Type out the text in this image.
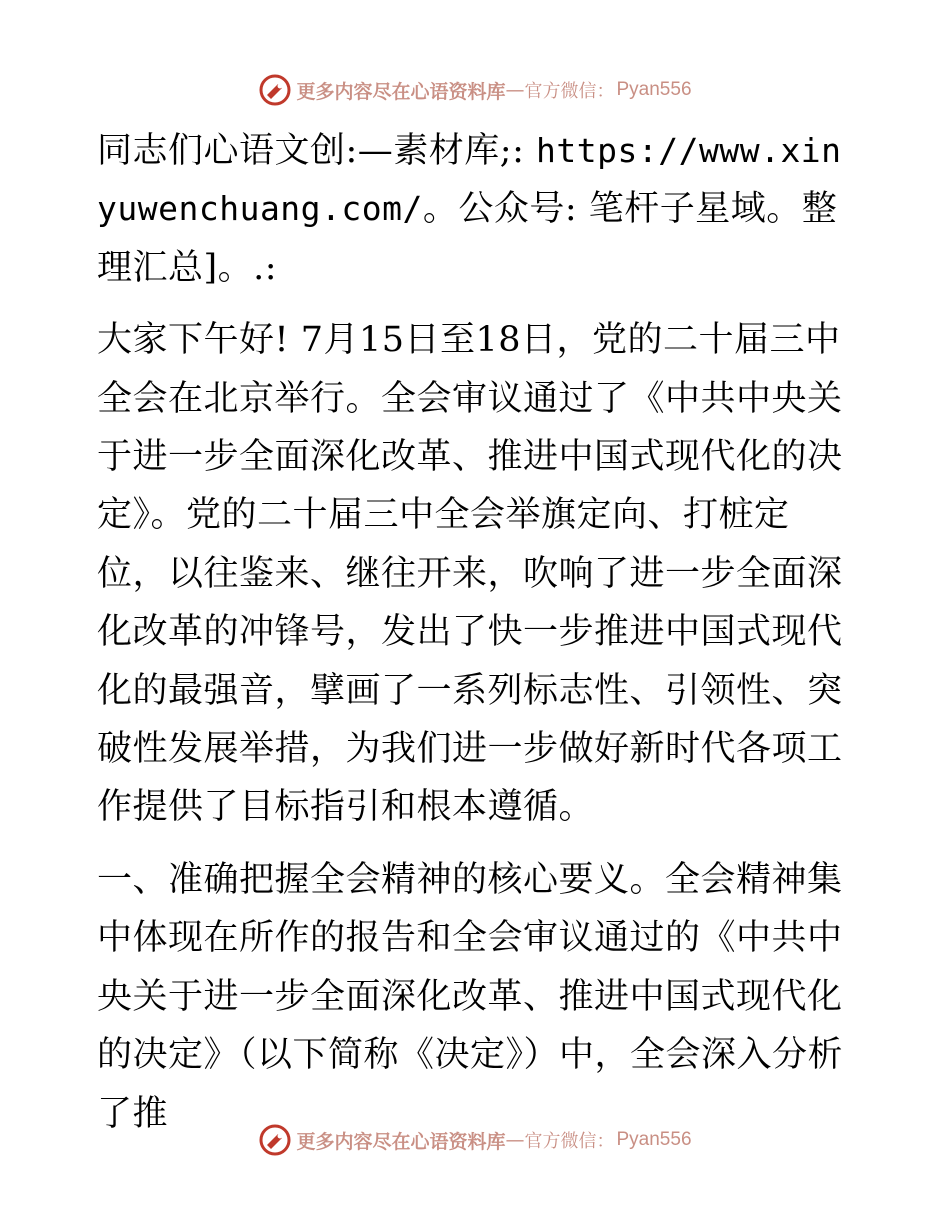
更多内容尽在心语资料库 — 官方微信： Pyan556

同志们心语文创:—素材库;: https://www.xinyuwenchuang.com/。公众号: 笔杆子星域。整理汇总]。.:

大家下午好! 7月15日至18日，党的二十届三中全会在北京举行。全会审议通过了《中共中央关于进一步全面深化改革、推进中国式现代化的决定》。党的二十届三中全会举旗定向、打桩定位，以往鉴来、继往开来，吹响了进一步全面深化改革的冲锋号，发出了快一步推进中国式现代化的最强音，擘画了一系列标志性、引领性、突破性发展举措，为我们进一步做好新时代各项工作提供了目标指引和根本遵循。

一、准确把握全会精神的核心要义。全会精神集中体现在所作的报告和全会审议通过的《中共中央关于进一步全面深化改革、推进中国式现代化的决定》（以下简称《决定》）中，全会深入分析了推

更多内容尽在心语资料库 — 官方微信： Pyan556
